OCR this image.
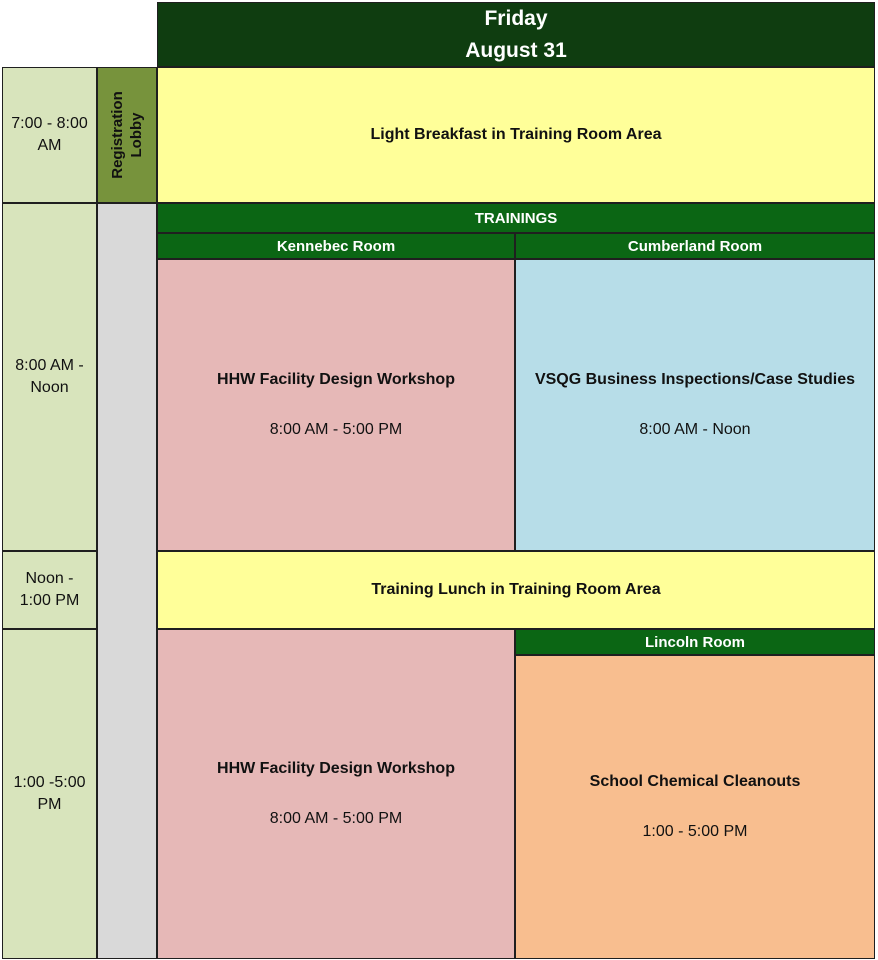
Friday
August 31
7:00 - 8:00 AM
8:00 AM - Noon
Noon - 1:00 PM
1:00 -5:00 PM
Registration Lobby	Light Breakfast in Training Room Area
TRAININGS
Kennebec Room	Cumberland Room
HHW Facility Design Workshop
8:00 AM - 5:00 PM
VSQG Business Inspections/Case Studies
8:00 AM - Noon
Training Lunch in Training Room Area
HHW Facility Design Workshop
8:00 AM - 5:00 PM
Lincoln Room
School Chemical Cleanouts
1:00 - 5:00 PM
